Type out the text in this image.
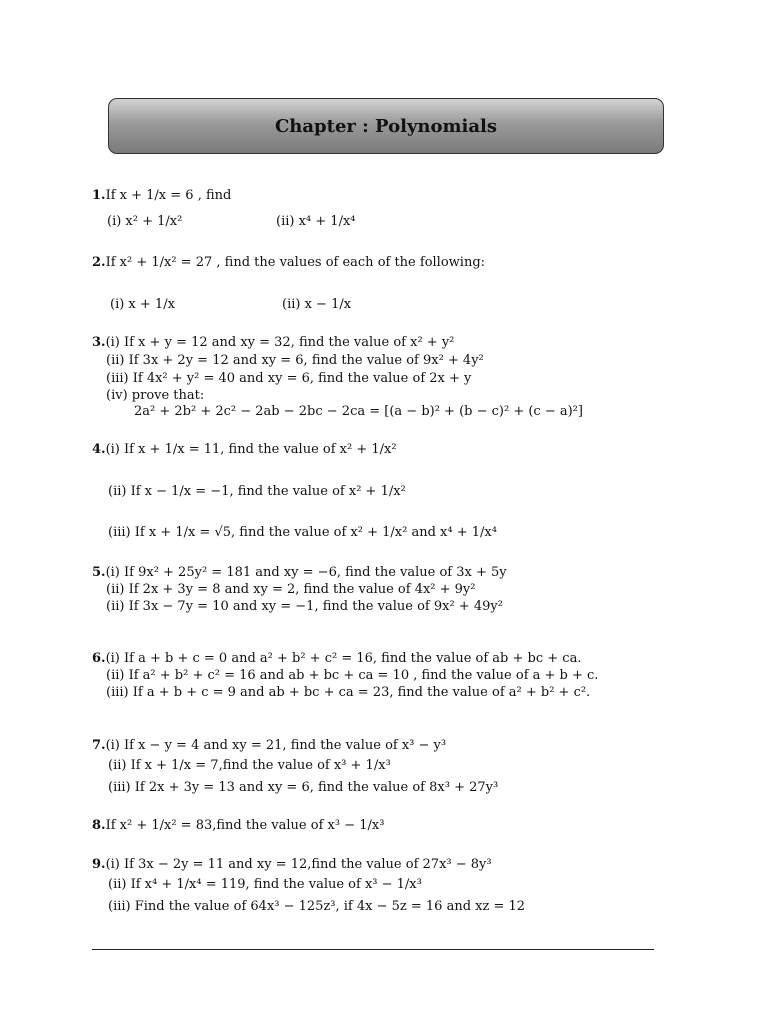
Chapter : Polynomials
1.If x + 1/x = 6 , find
(i) x² + 1/x²	(ii) x⁴ + 1/x⁴
2.If x² + 1/x² = 27 , find the values of each of the following:
(i) x + 1/x	(ii) x − 1/x
3.(i) If x + y = 12 and xy = 32, find the value of x² + y²
(ii) If 3x + 2y = 12 and xy = 6, find the value of 9x² + 4y²
(iii) If 4x² + y² = 40 and xy = 6, find the value of 2x + y
(iv) prove that:
2a² + 2b² + 2c² − 2ab − 2bc − 2ca = [(a − b)² + (b − c)² + (c − a)²]
4.(i) If x + 1/x = 11, find the value of x² + 1/x²
(ii) If x − 1/x = −1, find the value of x² + 1/x²
(iii) If x + 1/x = √5, find the value of x² + 1/x² and x⁴ + 1/x⁴
5.(i) If 9x² + 25y² = 181 and xy = −6, find the value of 3x + 5y
(ii) If 2x + 3y = 8 and xy = 2, find the value of 4x² + 9y²
(ii) If 3x − 7y = 10 and xy = −1, find the value of 9x² + 49y²
6.(i) If a + b + c = 0 and a² + b² + c² = 16, find the value of ab + bc + ca.
(ii) If a² + b² + c² = 16 and ab + bc + ca = 10 , find the value of a + b + c.
(iii) If a + b + c = 9 and ab + bc + ca = 23, find the value of a² + b² + c².
7.(i) If x − y = 4 and xy = 21, find the value of x³ − y³
(ii) If x + 1/x = 7,find the value of x³ + 1/x³
(iii) If 2x + 3y = 13 and xy = 6, find the value of 8x³ + 27y³
8.If x² + 1/x² = 83,find the value of x³ − 1/x³
9.(i) If 3x − 2y = 11 and xy = 12,find the value of 27x³ − 8y³
(ii) If x⁴ + 1/x⁴ = 119, find the value of x³ − 1/x³
(iii) Find the value of 64x³ − 125z³, if 4x − 5z = 16 and xz = 12
